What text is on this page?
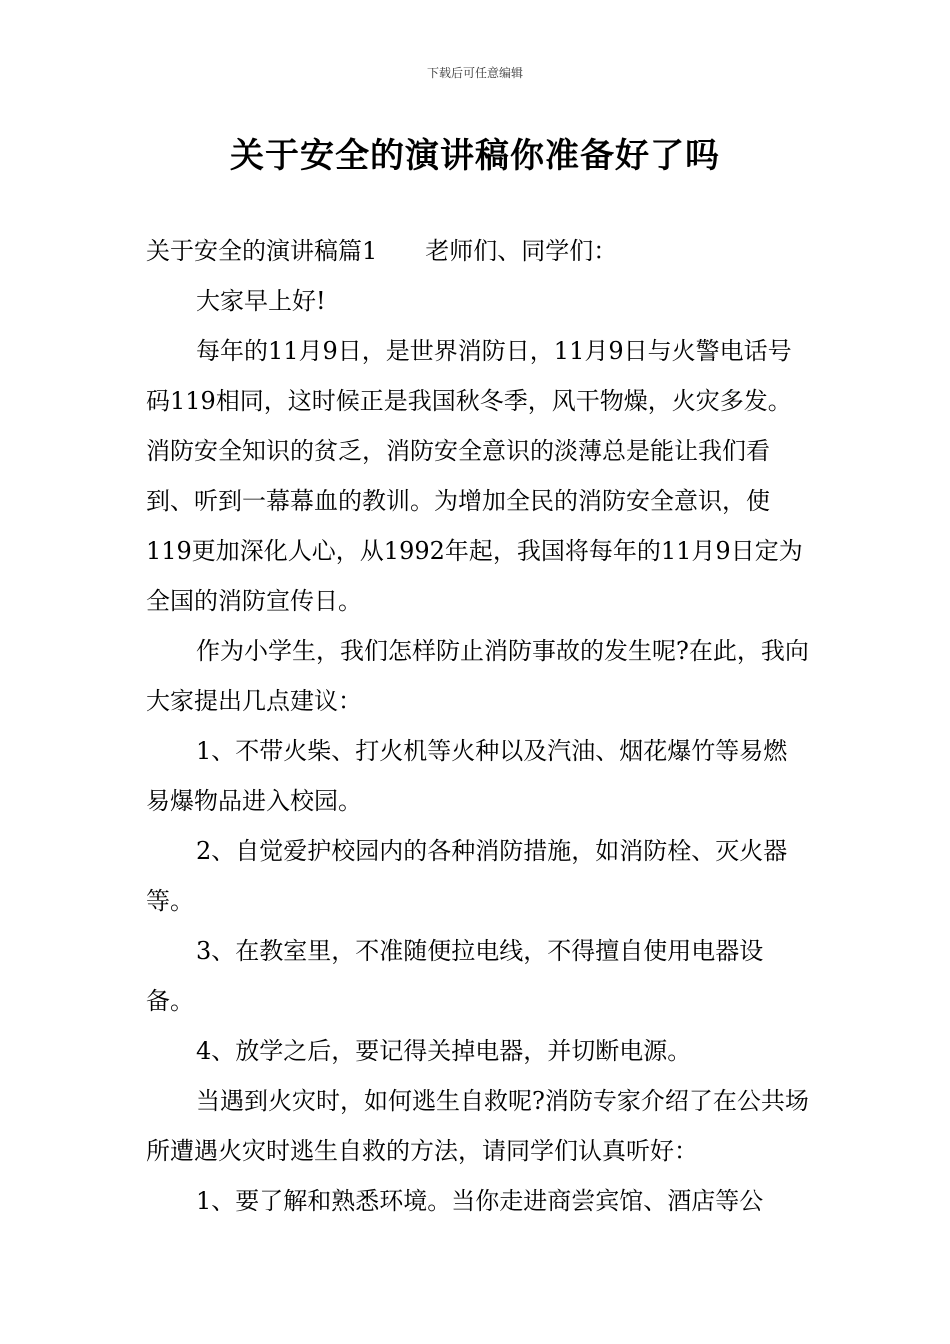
下载后可任意编辑
关于安全的演讲稿你准备好了吗

关于安全的演讲稿篇1　　老师们、同学们：

大家早上好!

每年的11月9日，是世界消防日，11月9日与火警电话号码119相同，这时候正是我国秋冬季，风干物燥，火灾多发。消防安全知识的贫乏，消防安全意识的淡薄总是能让我们看到、听到一幕幕血的教训。为增加全民的消防安全意识，使119更加深化人心，从1992年起，我国将每年的11月9日定为全国的消防宣传日。

作为小学生，我们怎样防止消防事故的发生呢?在此，我向大家提出几点建议：

1、不带火柴、打火机等火种以及汽油、烟花爆竹等易燃易爆物品进入校园。

2、自觉爱护校园内的各种消防措施，如消防栓、灭火器等。

3、在教室里，不准随便拉电线，不得擅自使用电器设备。

4、放学之后，要记得关掉电器，并切断电源。

当遇到火灾时，如何逃生自救呢?消防专家介绍了在公共场所遭遇火灾时逃生自救的方法，请同学们认真听好：

1、要了解和熟悉环境。当你走进商尝宾馆、酒店等公
